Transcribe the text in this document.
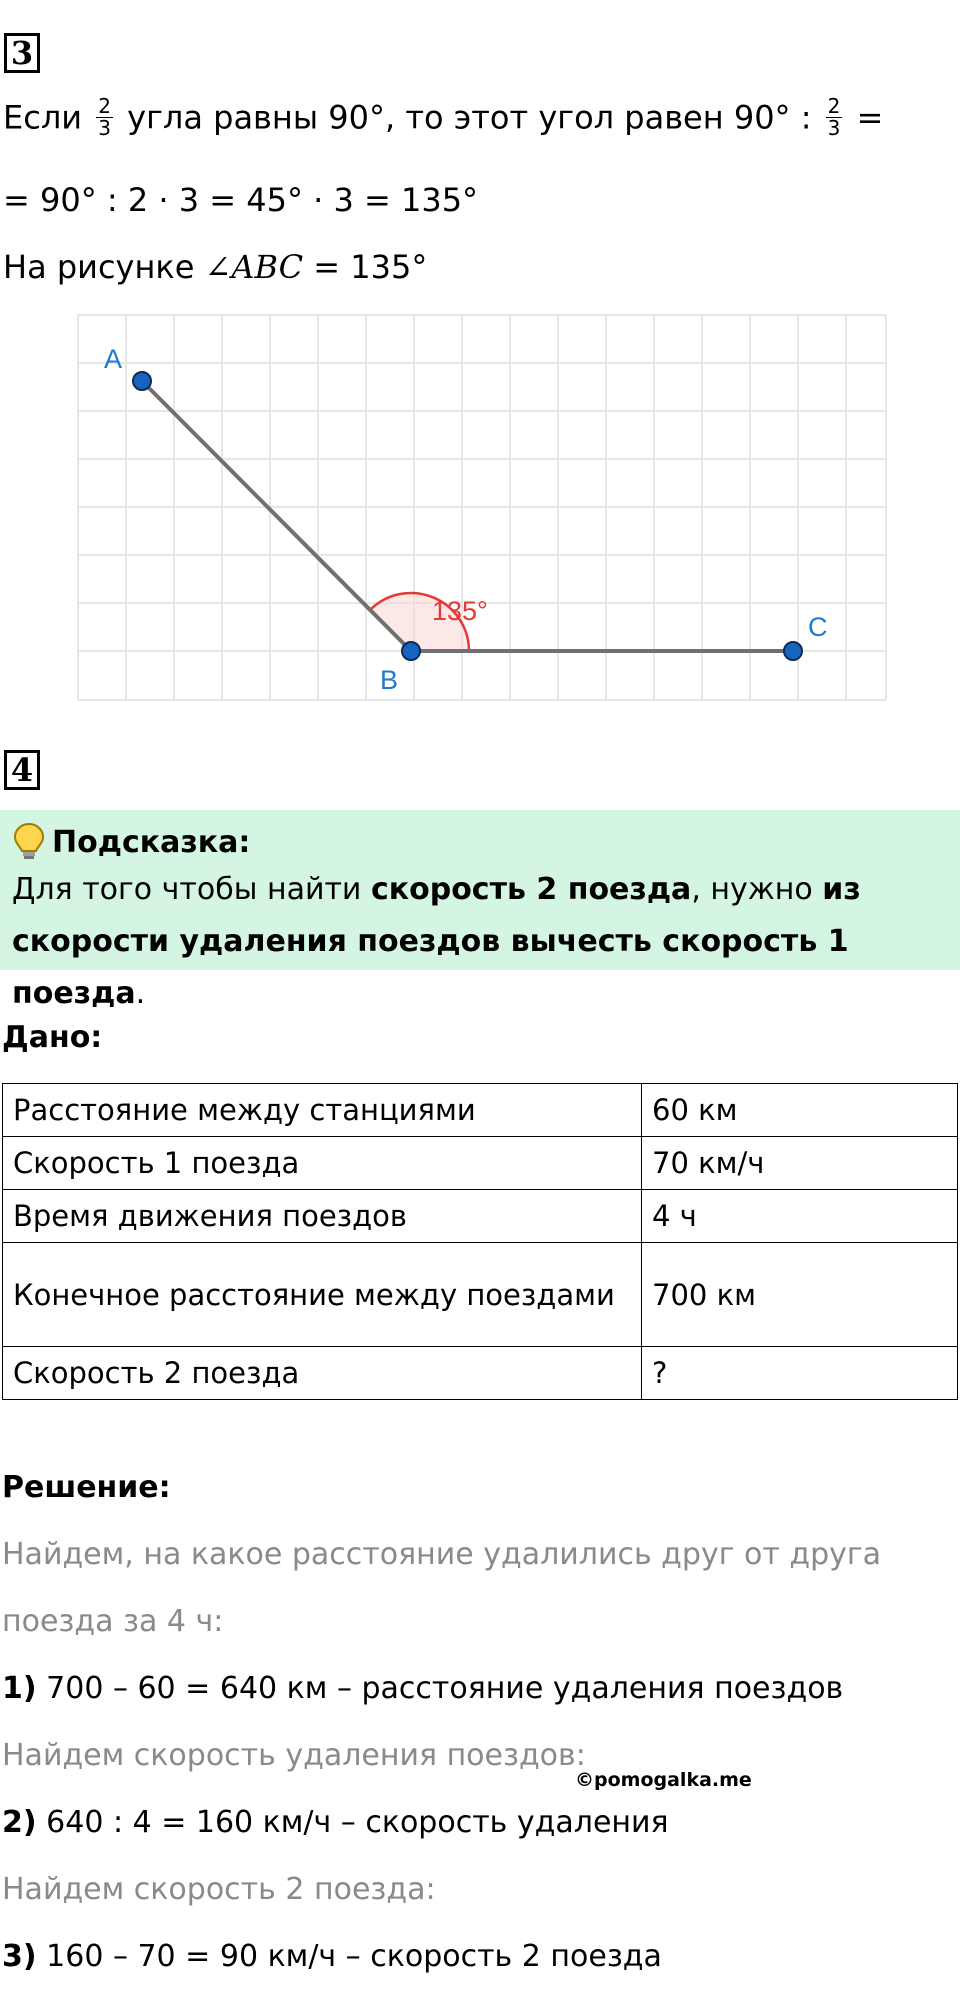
3
Если $\frac{2}{3}$ угла равны 90°, то этот угол равен 90° : $\frac{2}{3}$ =
= 90° : 2 · 3 = 45° · 3 = 135°
На рисунке ∠ABC = 135°
A
B
C
135°
4
Подсказка:
Для того чтобы найти скорость 2 поезда, нужно из
скорости удаления поездов вычесть скорость 1 поезда.
Дано:
Расстояние между станциями	60 км
Скорость 1 поезда	70 км/ч
Время движения поездов	4 ч
Конечное расстояние между поездами	700 км
Скорость 2 поезда	?
Решение:
Найдем, на какое расстояние удалились друг от друга
поезда за 4 ч:
1) 700 – 60 = 640 км – расстояние удаления поездов
Найдем скорость удаления поездов:
©pomogalka.me
2) 640 : 4 = 160 км/ч – скорость удаления
Найдем скорость 2 поезда:
3) 160 – 70 = 90 км/ч – скорость 2 поезда
